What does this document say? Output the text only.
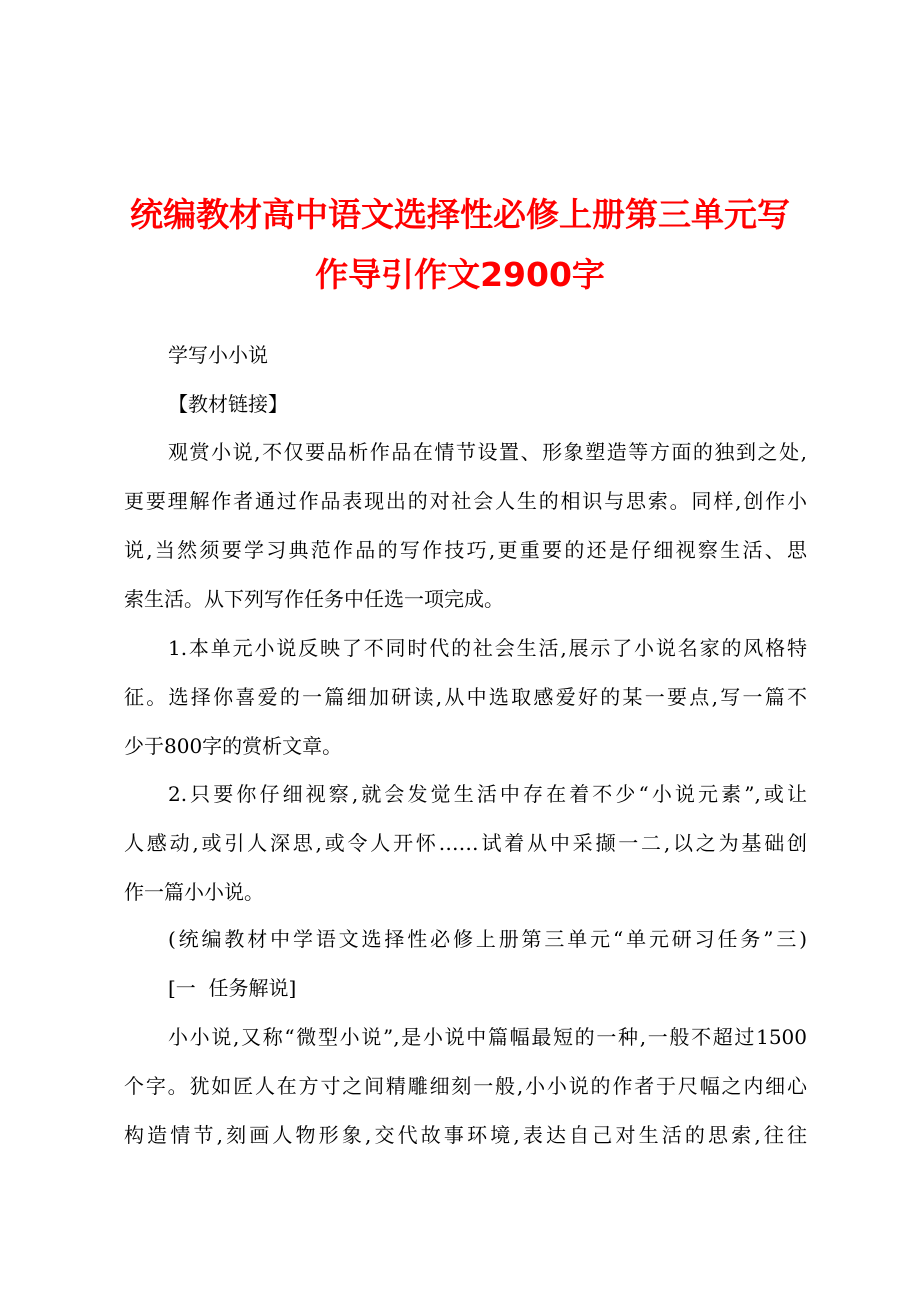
统编教材高中语文选择性必修上册第三单元写
作导引作文2900字

学写小小说

【教材链接】

观赏小说,不仅要品析作品在情节设置、形象塑造等方面的独到之处,

更要理解作者通过作品表现出的对社会人生的相识与思索。同样,创作小

说,当然须要学习典范作品的写作技巧,更重要的还是仔细视察生活、思

索生活。从下列写作任务中任选一项完成。

1.本单元小说反映了不同时代的社会生活,展示了小说名家的风格特

征。选择你喜爱的一篇细加研读,从中选取感爱好的某一要点,写一篇不

少于800字的赏析文章。

2.只要你仔细视察,就会发觉生活中存在着不少“小说元素”,或让

人感动,或引人深思,或令人开怀……试着从中采撷一二,以之为基础创

作一篇小小说。

(统编教材中学语文选择性必修上册第三单元“单元研习任务”三)

[一  任务解说]

小小说,又称“微型小说”,是小说中篇幅最短的一种,一般不超过1500

个字。犹如匠人在方寸之间精雕细刻一般,小小说的作者于尺幅之内细心

构造情节,刻画人物形象,交代故事环境,表达自己对生活的思索,往往
